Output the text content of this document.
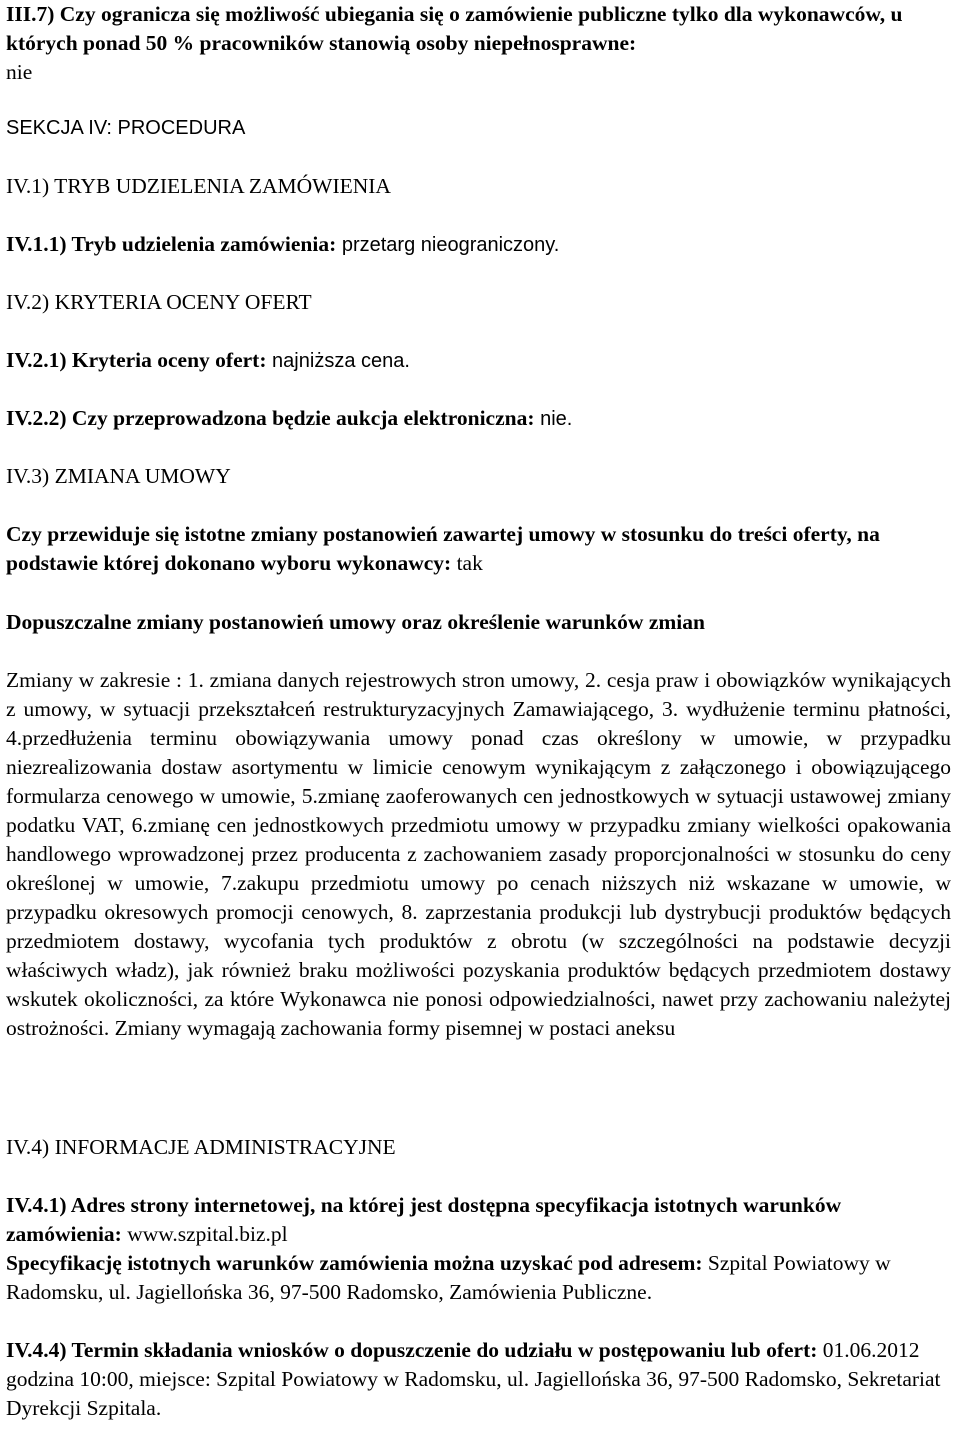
III.7) Czy ogranicza się możliwość ubiegania się o zamówienie publiczne tylko dla wykonawców, u których ponad 50 % pracowników stanowią osoby niepełnosprawne:
nie
SEKCJA IV: PROCEDURA
IV.1) TRYB UDZIELENIA ZAMÓWIENIA
IV.1.1) Tryb udzielenia zamówienia: przetarg nieograniczony.
IV.2) KRYTERIA OCENY OFERT
IV.2.1) Kryteria oceny ofert: najniższa cena.
IV.2.2) Czy przeprowadzona będzie aukcja elektroniczna: nie.
IV.3) ZMIANA UMOWY
Czy przewiduje się istotne zmiany postanowień zawartej umowy w stosunku do treści oferty, na podstawie której dokonano wyboru wykonawcy: tak
Dopuszczalne zmiany postanowień umowy oraz określenie warunków zmian
Zmiany w zakresie : 1. zmiana danych rejestrowych stron umowy, 2. cesja praw i obowiązków wynikających z umowy, w sytuacji przekształceń restrukturyzacyjnych Zamawiającego, 3. wydłużenie terminu płatności, 4.przedłużenia terminu obowiązywania umowy ponad czas określony w umowie, w przypadku niezrealizowania dostaw asortymentu w limicie cenowym wynikającym z załączonego i obowiązującego formularza cenowego w umowie, 5.zmianę zaoferowanych cen jednostkowych w sytuacji ustawowej zmiany podatku VAT, 6.zmianę cen jednostkowych przedmiotu umowy w przypadku zmiany wielkości opakowania handlowego wprowadzonej przez producenta z zachowaniem zasady proporcjonalności w stosunku do ceny określonej w umowie, 7.zakupu przedmiotu umowy po cenach niższych niż wskazane w umowie, w przypadku okresowych promocji cenowych, 8. zaprzestania produkcji lub dystrybucji produktów będących przedmiotem dostawy, wycofania tych produktów z obrotu (w szczególności na podstawie decyzji właściwych władz), jak również braku możliwości pozyskania produktów będących przedmiotem dostawy wskutek okoliczności, za które Wykonawca nie ponosi odpowiedzialności, nawet przy zachowaniu należytej ostrożności. Zmiany wymagają zachowania formy pisemnej w postaci aneksu
IV.4) INFORMACJE ADMINISTRACYJNE
IV.4.1) Adres strony internetowej, na której jest dostępna specyfikacja istotnych warunków zamówienia: www.szpital.biz.pl
Specyfikację istotnych warunków zamówienia można uzyskać pod adresem: Szpital Powiatowy w Radomsku, ul. Jagiellońska 36, 97-500 Radomsko, Zamówienia Publiczne.
IV.4.4) Termin składania wniosków o dopuszczenie do udziału w postępowaniu lub ofert: 01.06.2012 godzina 10:00, miejsce: Szpital Powiatowy w Radomsku, ul. Jagiellońska 36, 97-500 Radomsko, Sekretariat Dyrekcji Szpitala.
